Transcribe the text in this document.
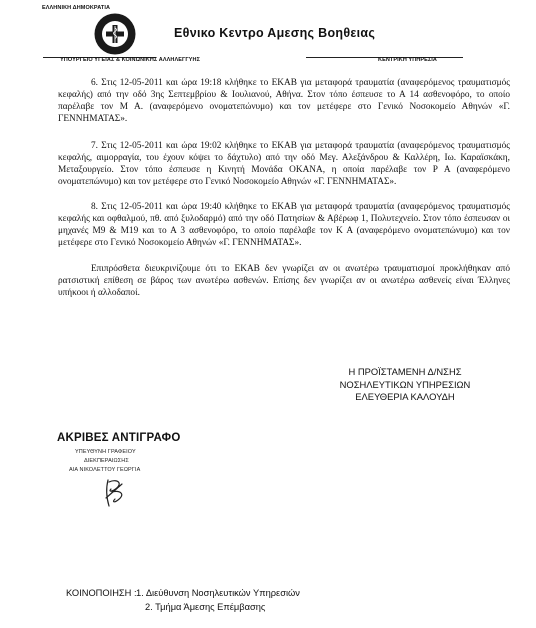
ΕΛΛΗΝΙΚΗ ΔΗΜΟΚΡΑΤΙΑ
Εθνικο Κεντρο Αμεσης Βοηθειας
ΥΠΟΥΡΓΕΙΟ ΥΓΕΙΑΣ & ΚΟΙΝΩΝΙΚΗΣ ΑΛΛΗΛΕΓΓΥΗΣ	ΚΕΝΤΡΙΚΗ ΥΠΗΡΕΣΙΑ

6. Στις 12-05-2011 και ώρα 19:18 κλήθηκε το ΕΚΑΒ για μεταφορά τραυματία (αναφερόμενος τραυματισμός κεφαλής) από την οδό 3ης Σεπτεμβρίου & Ιουλιανού, Αθήνα. Στον τόπο έσπευσε το Α 14 ασθενοφόρο, το οποίο παρέλαβε τον Μ Α. (αναφερόμενο ονοματεπώνυμο) και τον μετέφερε στο Γενικό Νοσοκομείο Αθηνών «Γ. ΓΕΝΝΗΜΑΤΑΣ».

7. Στις 12-05-2011 και ώρα 19:02 κλήθηκε το ΕΚΑΒ για μεταφορά τραυματία (αναφερόμενος τραυματισμός κεφαλής, αιμορραγία, του έχουν κόψει το δάχτυλο) από την οδό Μεγ. Αλεξάνδρου & Καλλέρη, Ιω. Καραϊσκάκη, Μεταξουργείο. Στον τόπο έσπευσε η Κινητή Μονάδα ΟΚΑΝΑ, η οποία παρέλαβε τον Ρ Α (αναφερόμενο ονοματεπώνυμο) και τον μετέφερε στο Γενικό Νοσοκομείο Αθηνών «Γ. ΓΕΝΝΗΜΑΤΑΣ».

8. Στις 12-05-2011 και ώρα 19:40 κλήθηκε το ΕΚΑΒ για μεταφορά τραυματία (αναφερόμενος τραυματισμός κεφαλής και οφθαλμού, πθ. από ξυλοδαρμό) από την οδό Πατησίων & Αβέρωφ 1, Πολυτεχνείο. Στον τόπο έσπευσαν οι μηχανές Μ9 & Μ19 και το Α 3 ασθενοφόρο, το οποίο παρέλαβε τον Κ Α (αναφερόμενο ονοματεπώνυμο) και τον μετέφερε στο Γενικό Νοσοκομείο Αθηνών «Γ. ΓΕΝΝΗΜΑΤΑΣ».

Επιπρόσθετα διευκρινίζουμε ότι το ΕΚΑΒ δεν γνωρίζει αν οι ανωτέρω τραυματισμοί προκλήθηκαν από ρατσιστική επίθεση σε βάρος των ανωτέρω ασθενών. Επίσης δεν γνωρίζει αν οι ανωτέρω ασθενείς είναι Έλληνες υπήκοοι ή αλλοδαποί.

Η ΠΡΟΪΣΤΑΜΕΝΗ Δ/ΝΣΗΣ
ΝΟΣΗΛΕΥΤΙΚΩΝ ΥΠΗΡΕΣΙΩΝ
ΕΛΕΥΘΕΡΙΑ ΚΑΛΟΥΔΗ
ΑΚΡΙΒΕΣ ΑΝΤΙΓΡΑΦΟ
ΥΠΕΥΘΥΝΗ ΓΡΑΦΕΙΟΥ
ΔΙΕΚΠΕΡΑΙΩΣΗΣ
ΑΙΑ ΝΙΚΟΛΕΤΤΟΥ ΓΕΩΡΓΙΑ
ΚΟΙΝΟΠΟΙΗΣΗ : 1. Διεύθυνση Νοσηλευτικών Υπηρεσιών
2. Τμήμα Άμεσης Επέμβασης
